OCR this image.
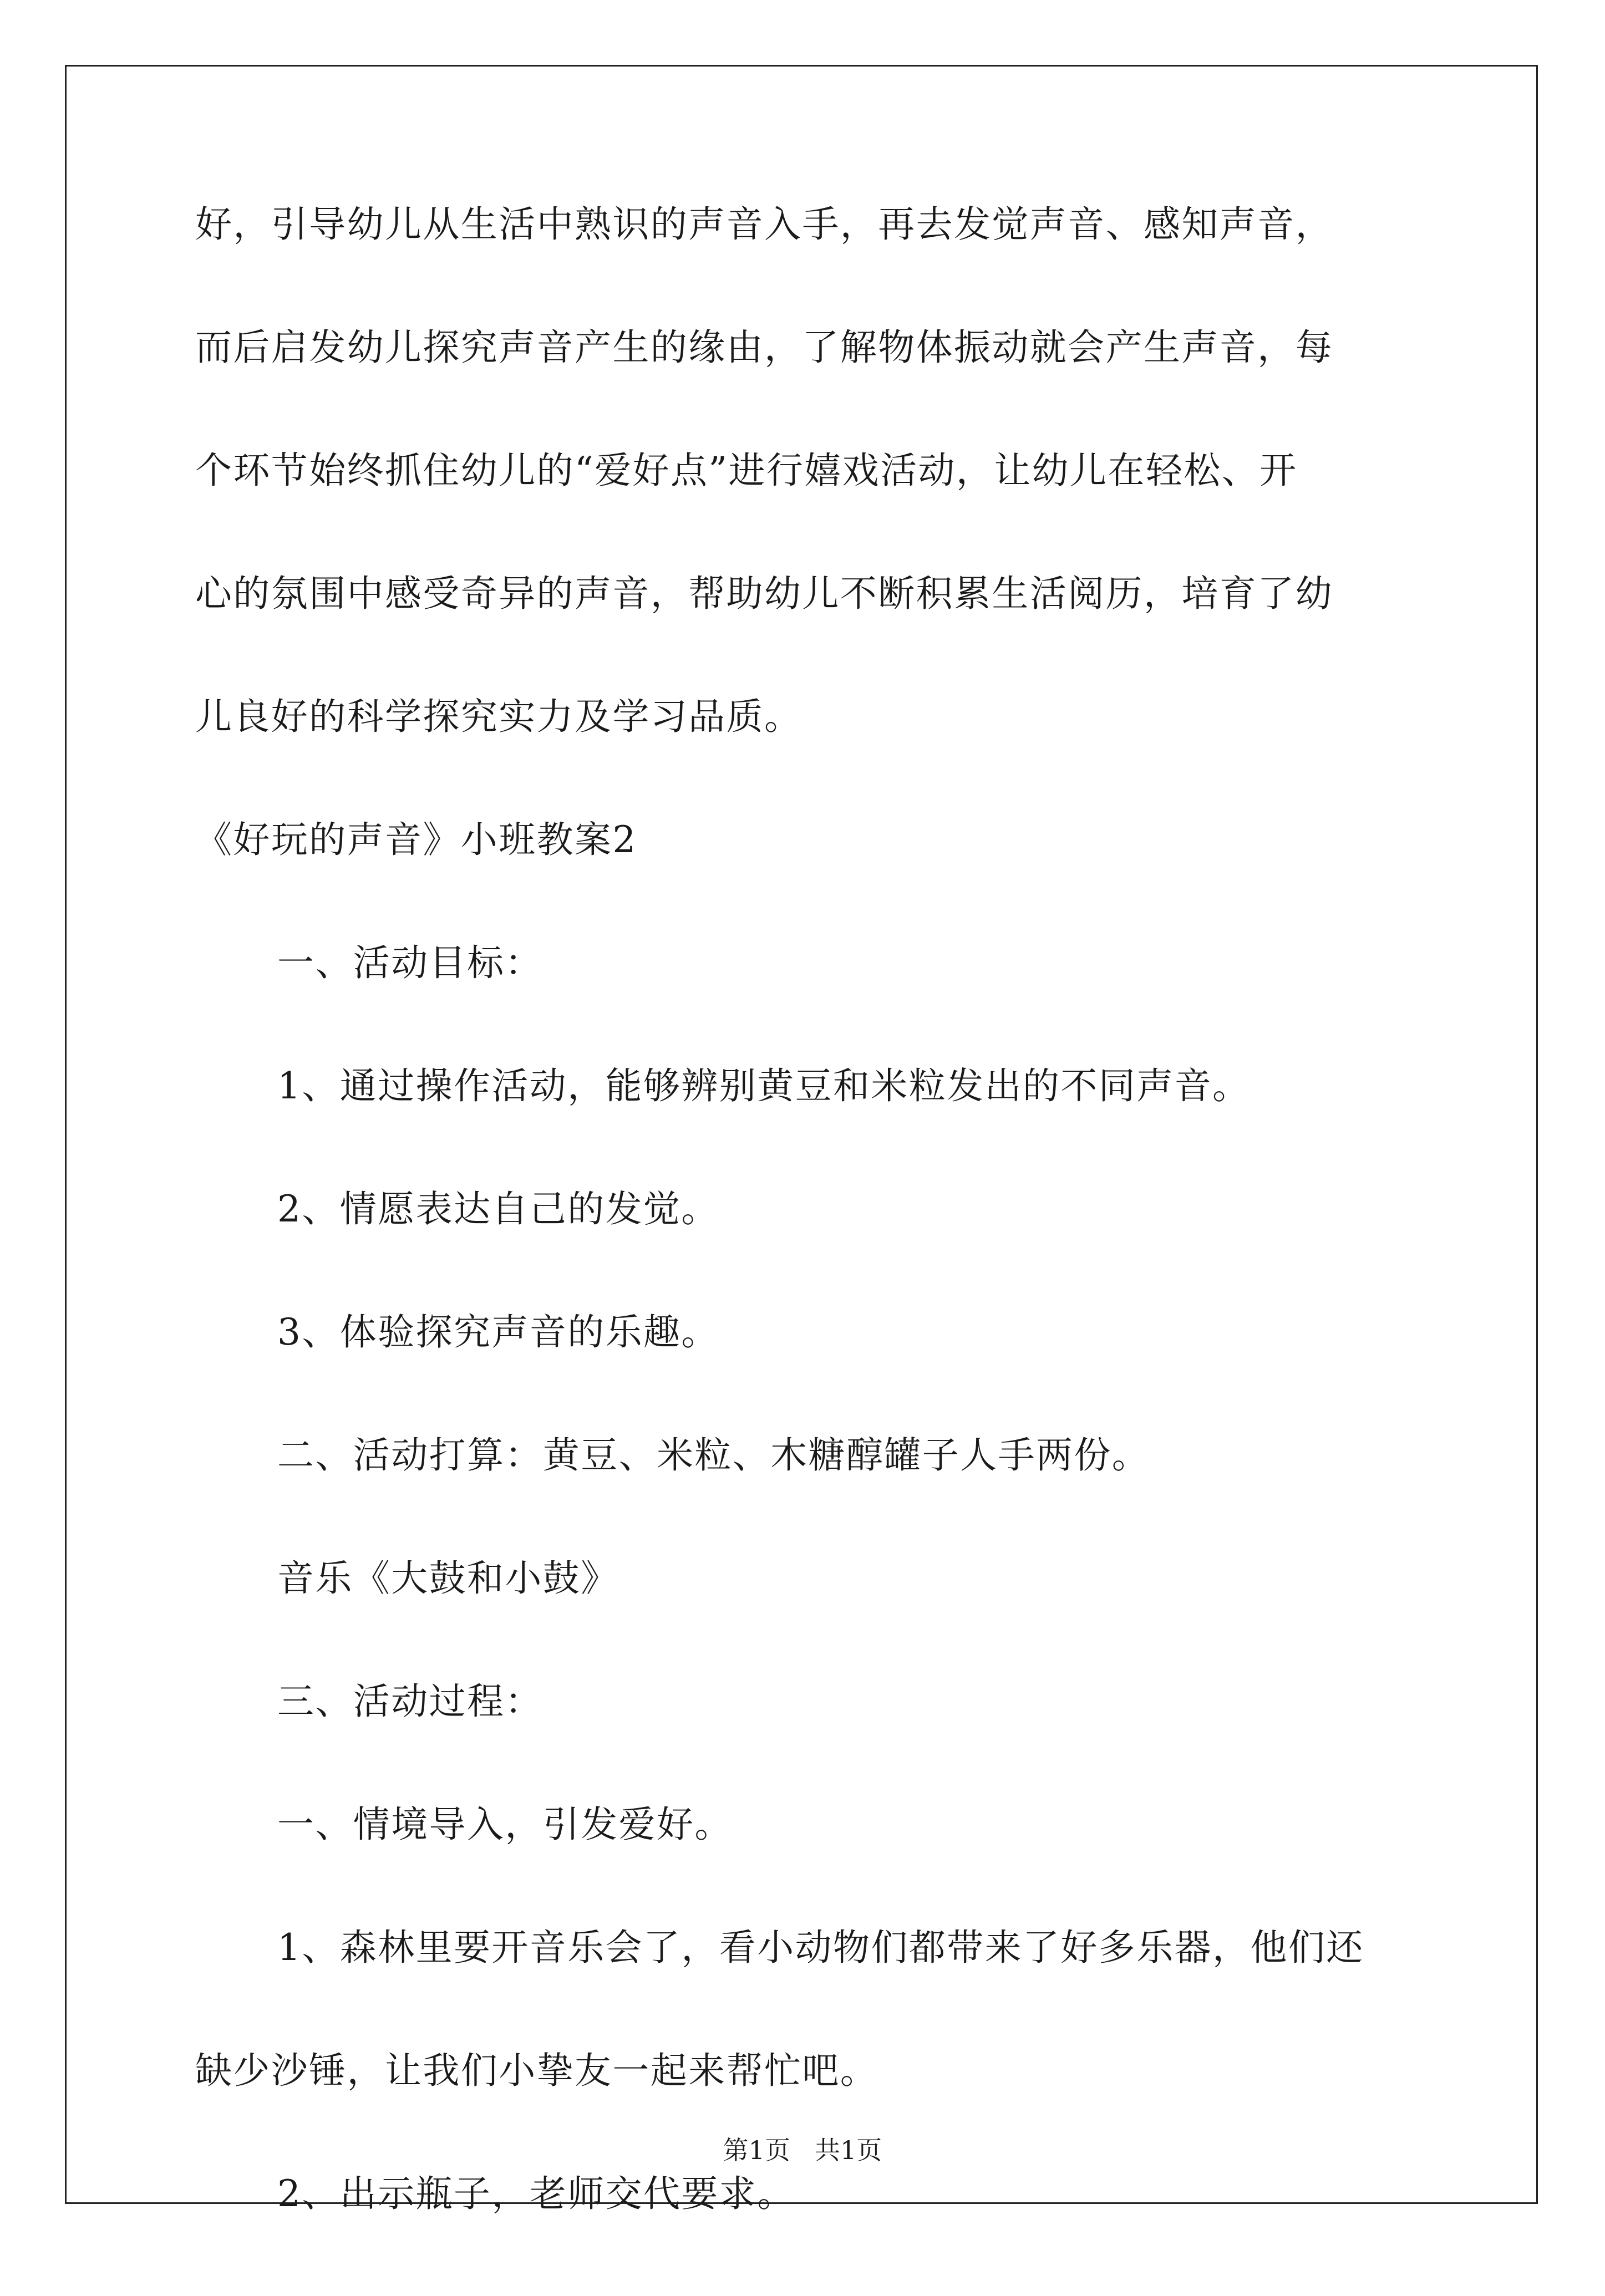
好，引导幼儿从生活中熟识的声音入手，再去发觉声音、感知声音，
而后启发幼儿探究声音产生的缘由，了解物体振动就会产生声音，每
个环节始终抓住幼儿的“爱好点”进行嬉戏活动，让幼儿在轻松、开
心的氛围中感受奇异的声音，帮助幼儿不断积累生活阅历，培育了幼
儿良好的科学探究实力及学习品质。
《好玩的声音》小班教案2
一、活动目标：
1、通过操作活动，能够辨别黄豆和米粒发出的不同声音。
2、情愿表达自己的发觉。
3、体验探究声音的乐趣。
二、活动打算：黄豆、米粒、木糖醇罐子人手两份。
音乐《大鼓和小鼓》
三、活动过程：
一、情境导入，引发爱好。
1、森林里要开音乐会了，看小动物们都带来了好多乐器，他们还
缺少沙锤，让我们小挚友一起来帮忙吧。
2、出示瓶子，老师交代要求。
第1页 共1页
